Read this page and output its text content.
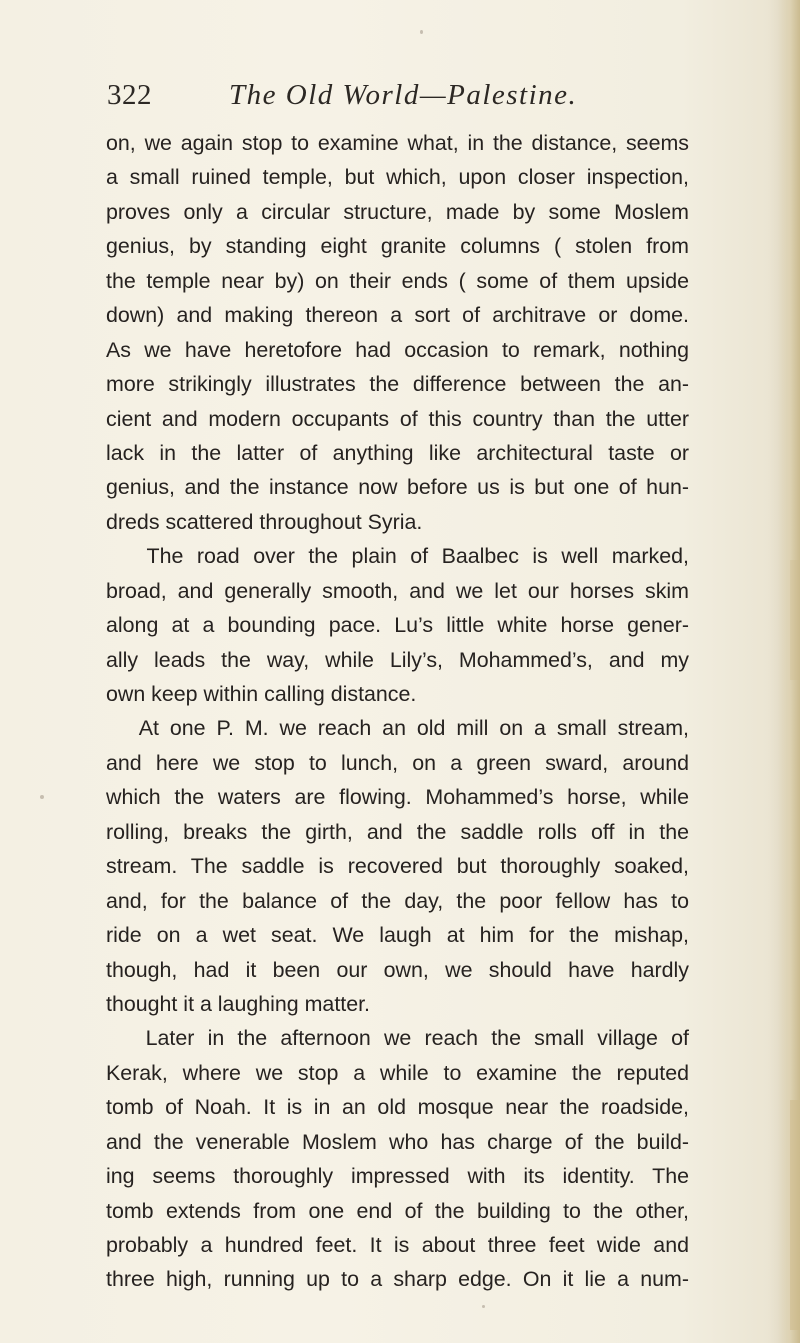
322	The Old World—Palestine.
on, we again stop to examine what, in the distance, seems
a small ruined temple, but which, upon closer inspection,
proves only a circular structure, made by some Moslem
genius, by standing eight granite columns ( stolen from
the temple near by) on their ends ( some of them upside
down) and making thereon a sort of architrave or dome.
As we have heretofore had occasion to remark, nothing
more strikingly illustrates the difference between the an-
cient and modern occupants of this country than the utter
lack in the latter of anything like architectural taste or
genius, and the instance now before us is but one of hun-
dreds scattered throughout Syria.
The road over the plain of Baalbec is well marked,
broad, and generally smooth, and we let our horses skim
along at a bounding pace. Lu’s little white horse gener-
ally leads the way, while Lily’s, Mohammed’s, and my
own keep within calling distance.
At one P. M. we reach an old mill on a small stream,
and here we stop to lunch, on a green sward, around
which the waters are flowing. Mohammed’s horse, while
rolling, breaks the girth, and the saddle rolls off in the
stream. The saddle is recovered but thoroughly soaked,
and, for the balance of the day, the poor fellow has to
ride on a wet seat. We laugh at him for the mishap,
though, had it been our own, we should have hardly
thought it a laughing matter.
Later in the afternoon we reach the small village of
Kerak, where we stop a while to examine the reputed
tomb of Noah. It is in an old mosque near the roadside,
and the venerable Moslem who has charge of the build-
ing seems thoroughly impressed with its identity. The
tomb extends from one end of the building to the other,
probably a hundred feet. It is about three feet wide and
three high, running up to a sharp edge. On it lie a num-
